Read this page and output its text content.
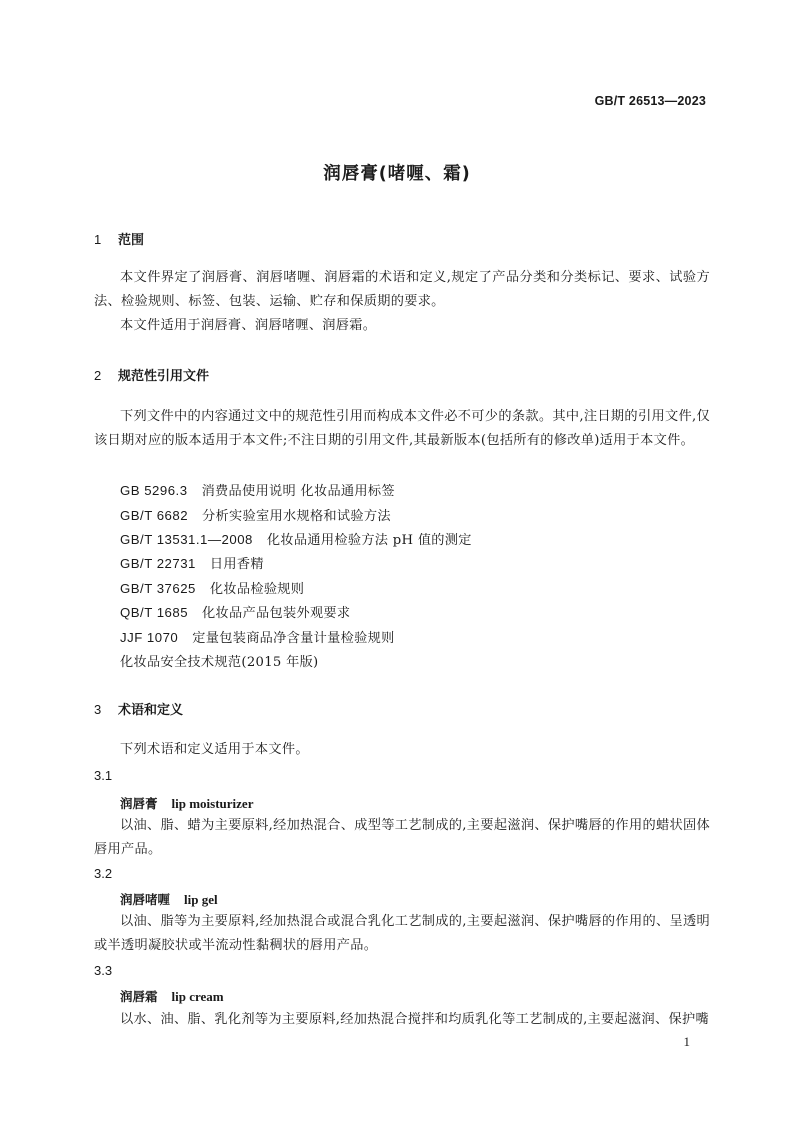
GB/T 26513—2023
润唇膏(啫喱、霜)
1 范围
本文件界定了润唇膏、润唇啫喱、润唇霜的术语和定义,规定了产品分类和分类标记、要求、试验方法、检验规则、标签、包装、运输、贮存和保质期的要求。
本文件适用于润唇膏、润唇啫喱、润唇霜。
2 规范性引用文件
下列文件中的内容通过文中的规范性引用而构成本文件必不可少的条款。其中,注日期的引用文件,仅该日期对应的版本适用于本文件;不注日期的引用文件,其最新版本(包括所有的修改单)适用于本文件。
GB 5296.3 消费品使用说明 化妆品通用标签
GB/T 6682 分析实验室用水规格和试验方法
GB/T 13531.1—2008 化妆品通用检验方法 pH 值的测定
GB/T 22731 日用香精
GB/T 37625 化妆品检验规则
QB/T 1685 化妆品产品包装外观要求
JJF 1070 定量包装商品净含量计量检验规则
化妆品安全技术规范(2015 年版)
3 术语和定义
下列术语和定义适用于本文件。
3.1
润唇膏 lip moisturizer
以油、脂、蜡为主要原料,经加热混合、成型等工艺制成的,主要起滋润、保护嘴唇的作用的蜡状固体唇用产品。
3.2
润唇啫喱 lip gel
以油、脂等为主要原料,经加热混合或混合乳化工艺制成的,主要起滋润、保护嘴唇的作用的、呈透明或半透明凝胶状或半流动性黏稠状的唇用产品。
3.3
润唇霜 lip cream
以水、油、脂、乳化剂等为主要原料,经加热混合搅拌和均质乳化等工艺制成的,主要起滋润、保护嘴
1
